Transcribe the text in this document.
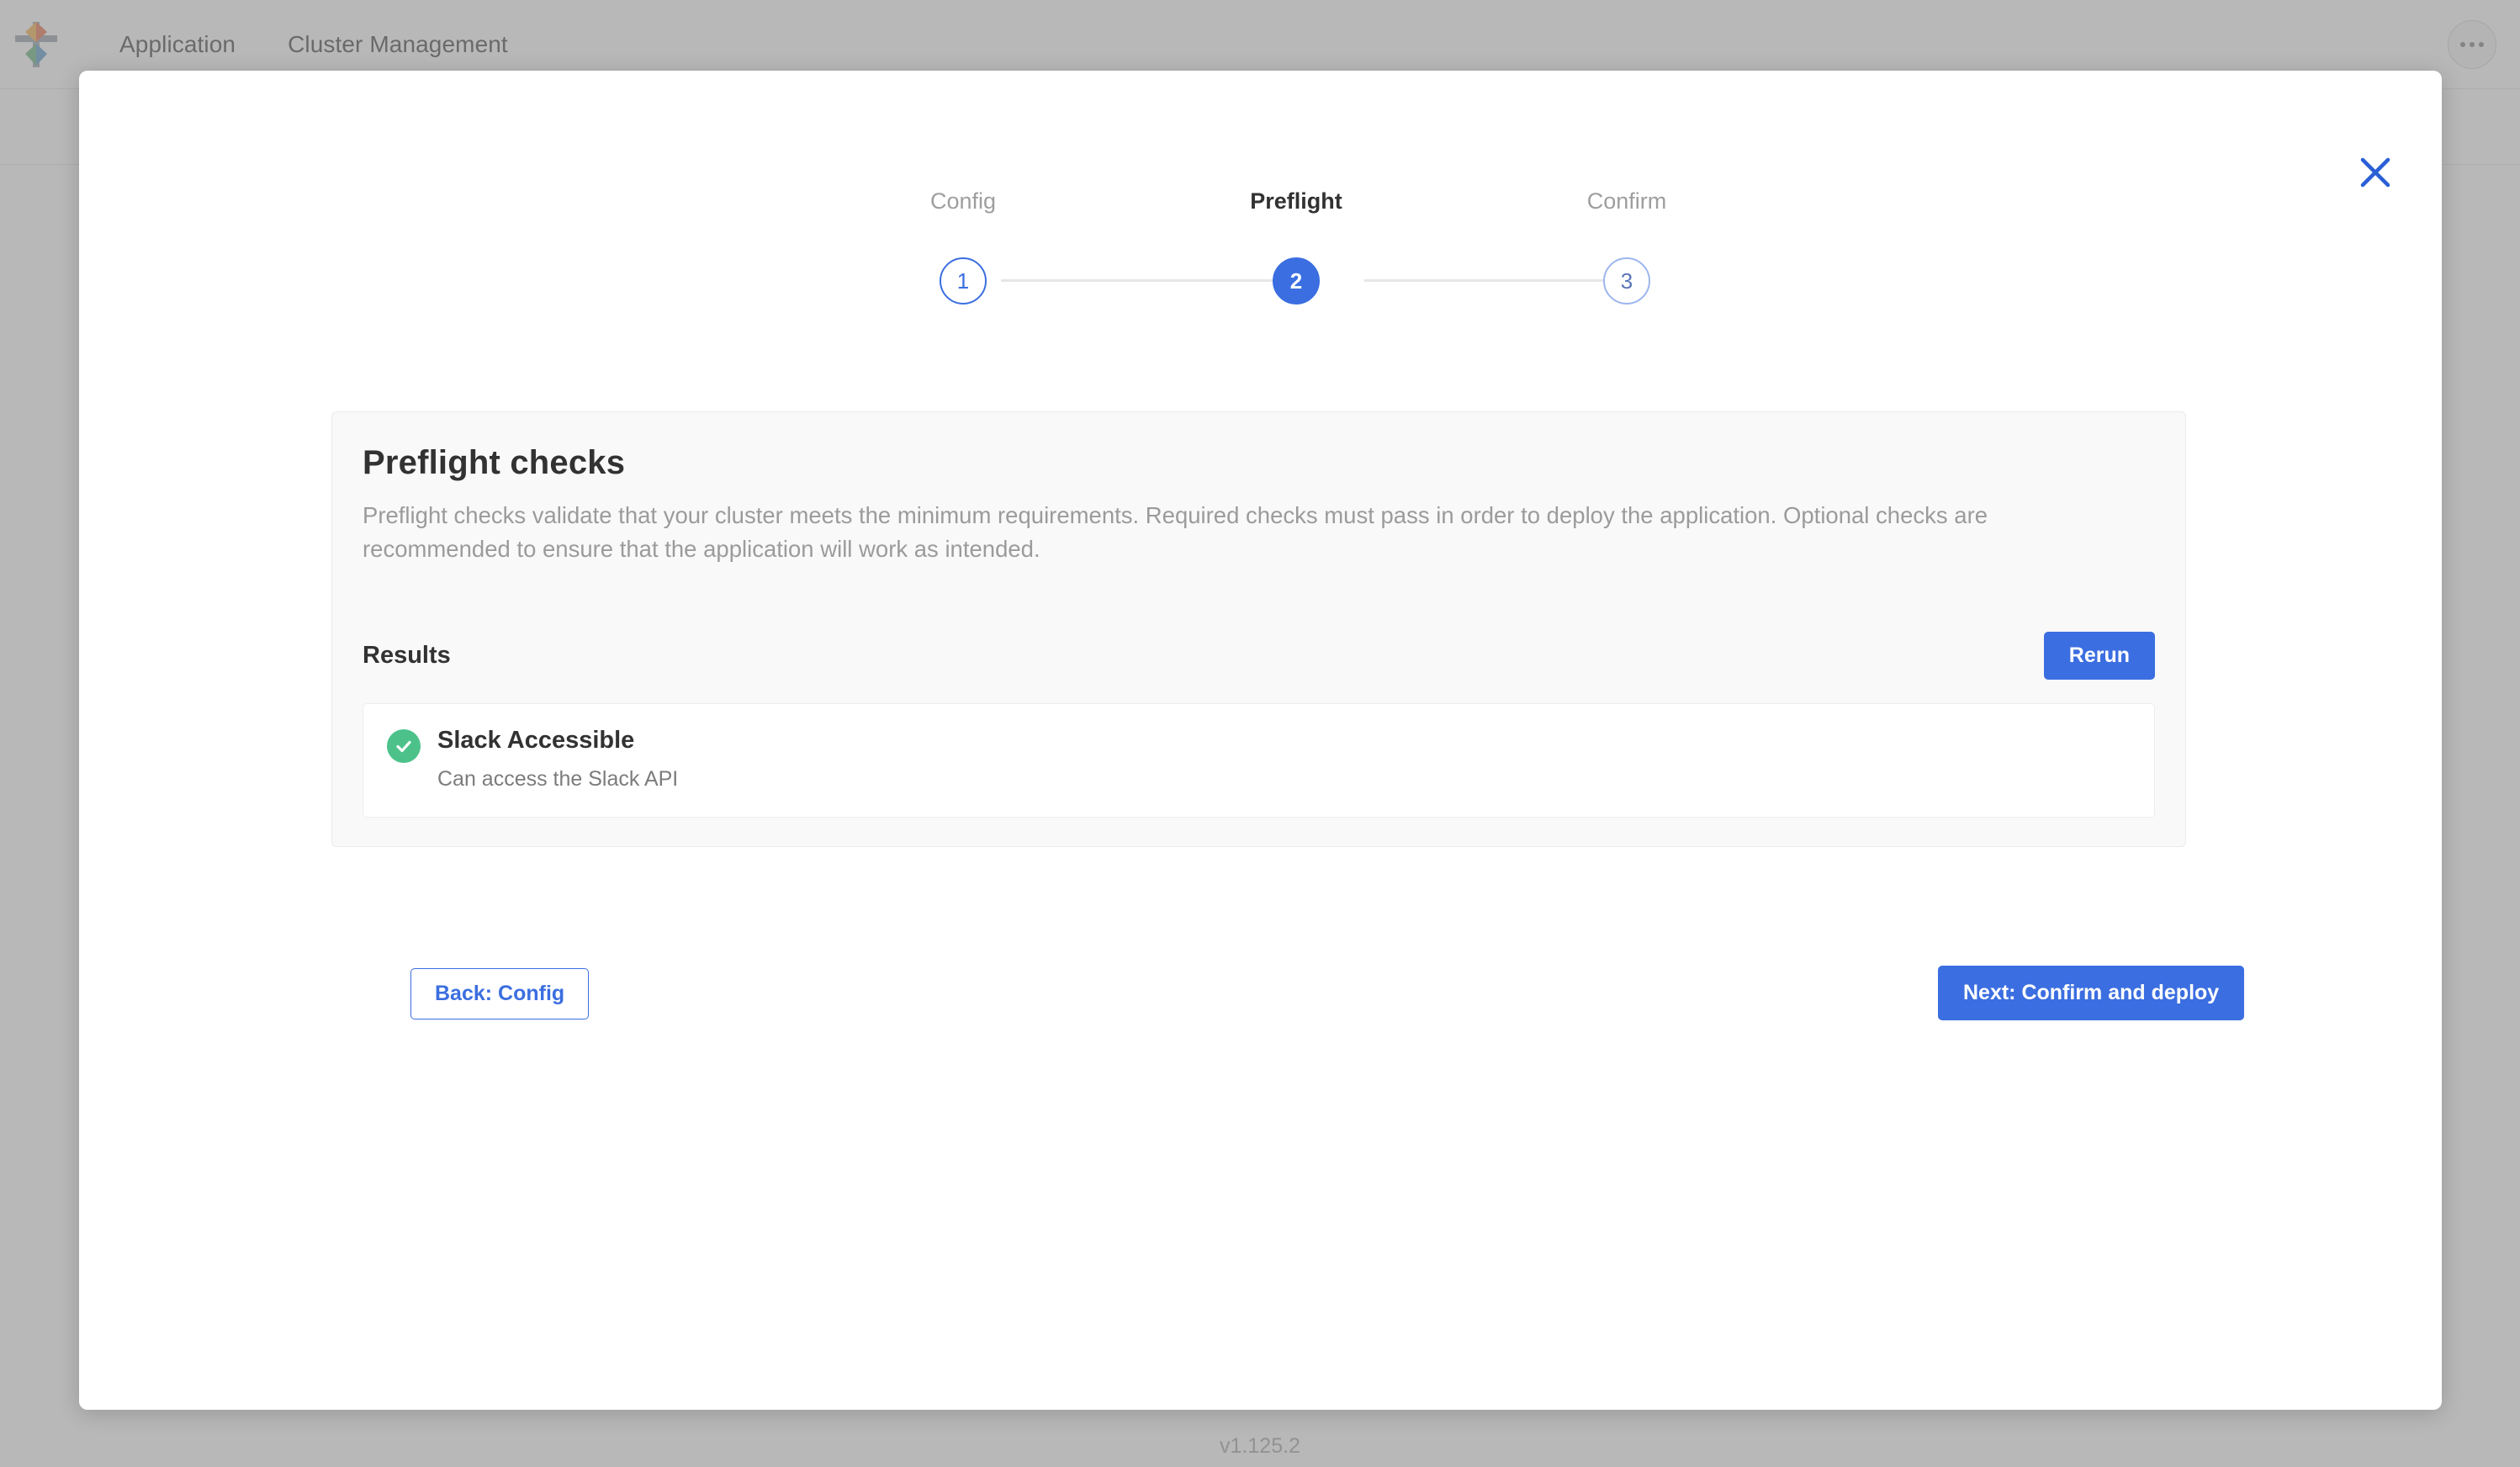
Config	Preflight	Confirm
1	2	3
Preflight checks

Preflight checks validate that your cluster meets the minimum requirements. Required checks must pass in order to deploy the application. Optional checks are recommended to ensure that the application will work as intended.

Results	Rerun
Slack Accessible
Can access the Slack API
Back: Config	Next: Confirm and deploy
